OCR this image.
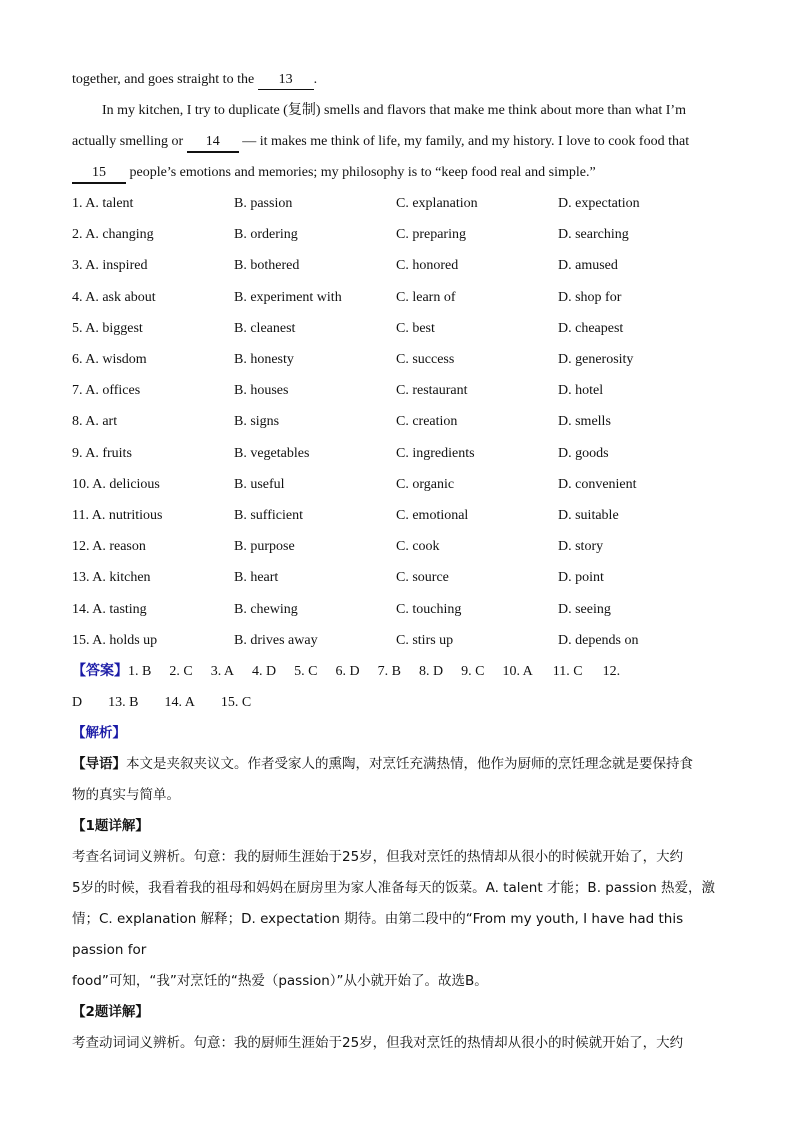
together, and goes straight to the 13 .
In my kitchen, I try to duplicate (复制) smells and flavors that make me think about more than what I’m
actually smelling or 14 — it makes me think of life, my family, and my history. I love to cook food that
15 people’s emotions and memories; my philosophy is to “keep food real and simple.”
1. A. talent	B. passion	C. explanation	D. expectation
2. A. changing	B. ordering	C. preparing	D. searching
3. A. inspired	B. bothered	C. honored	D. amused
4. A. ask about	B. experiment with	C. learn of	D. shop for
5. A. biggest	B. cleanest	C. best	D. cheapest
6. A. wisdom	B. honesty	C. success	D. generosity
7. A. offices	B. houses	C. restaurant	D. hotel
8. A. art	B. signs	C. creation	D. smells
9. A. fruits	B. vegetables	C. ingredients	D. goods
10. A. delicious	B. useful	C. organic	D. convenient
11. A. nutritious	B. sufficient	C. emotional	D. suitable
12. A. reason	B. purpose	C. cook	D. story
13. A. kitchen	B. heart	C. source	D. point
14. A. tasting	B. chewing	C. touching	D. seeing
15. A. holds up	B. drives away	C. stirs up	D. depends on
【答案】1. B 2. C 3. A 4. D 5. C 6. D 7. B 8. D 9. C 10. A 11. C 12.
D 13. B 14. A 15. C
【解析】
【导语】本文是夹叙夹议文。作者受家人的熏陶，对烹饪充满热情，他作为厨师的烹饪理念就是要保持食
物的真实与简单。
【1题详解】
考查名词词义辨析。句意：我的厨师生涯始于25岁，但我对烹饪的热情却从很小的时候就开始了，大约
5岁的时候，我看着我的祖母和妈妈在厨房里为家人准备每天的饭菜。A. talent 才能；B. passion 热爱，激
情；C. explanation 解释；D. expectation 期待。由第二段中的“From my youth, I have had this passion for
food”可知，“我”对烹饪的“热爱（passion）”从小就开始了。故选B。
【2题详解】
考查动词词义辨析。句意：我的厨师生涯始于25岁，但我对烹饪的热情却从很小的时候就开始了，大约
